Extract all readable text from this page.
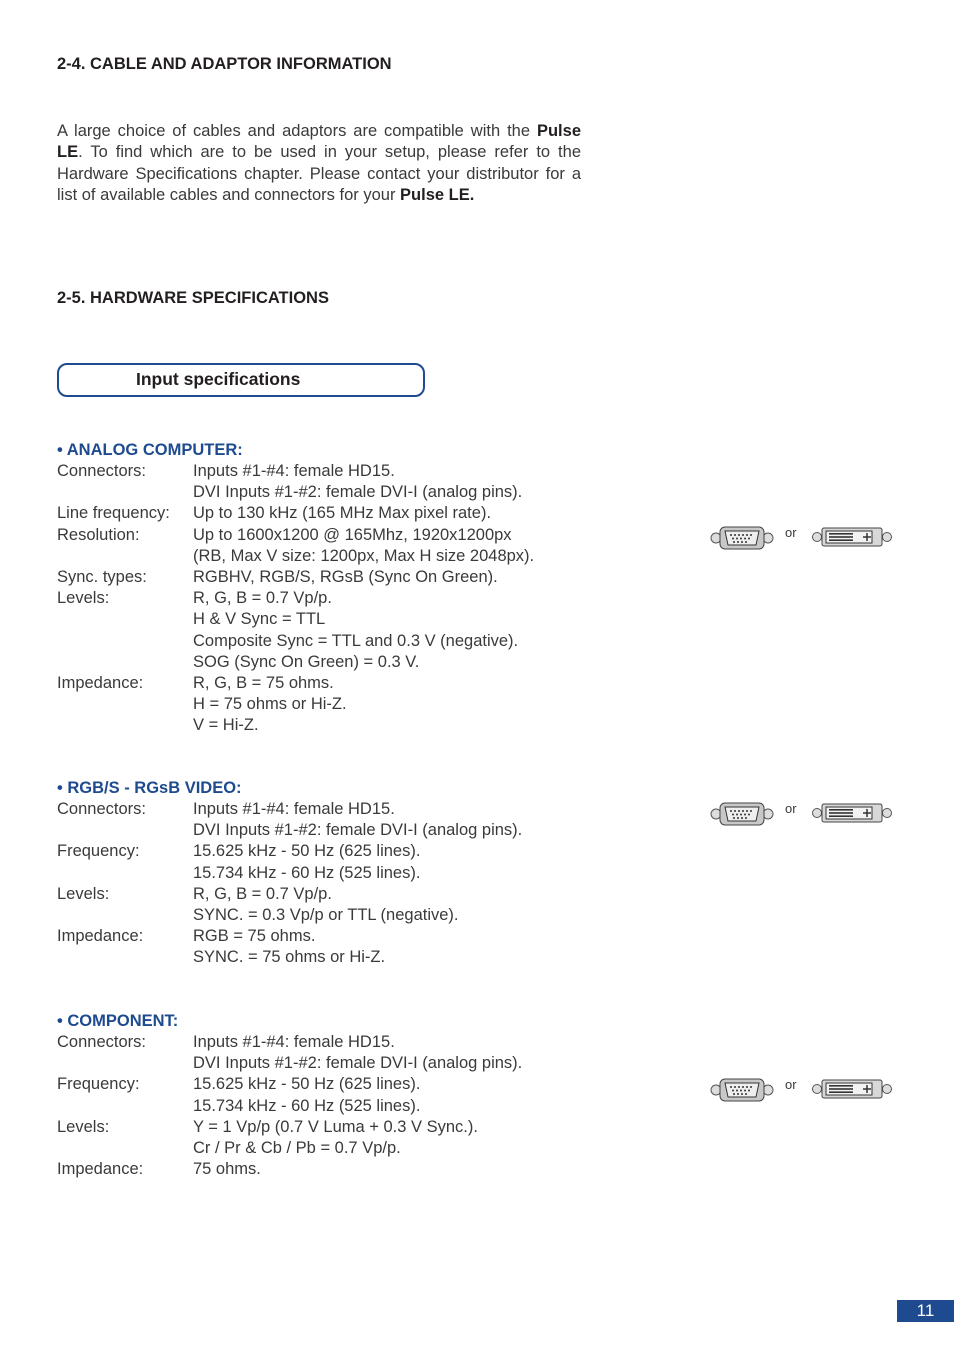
2-4. CABLE AND ADAPTOR INFORMATION
A large choice of cables and adaptors are compatible with the Pulse LE. To find which are to be used in your setup, please refer to the Hardware Specifications chapter. Please contact your distributor for a list of available cables and connectors for your Pulse LE.
2-5. HARDWARE SPECIFICATIONS
Input specifications
• ANALOG COMPUTER:
Connectors:	Inputs #1-#4: female HD15.
DVI Inputs #1-#2: female DVI-I (analog pins).
Line frequency: Up to 130 kHz (165 MHz Max pixel rate).
Resolution:	Up to 1600x1200 @ 165Mhz, 1920x1200px
(RB, Max V size: 1200px, Max H size 2048px).
Sync. types:	RGBHV, RGB/S, RGsB (Sync On Green).
Levels:	R, G, B = 0.7 Vp/p.
H & V Sync = TTL
Composite Sync = TTL and 0.3 V (negative).
SOG (Sync On Green) = 0.3 V.
Impedance:	R, G, B = 75 ohms.
H = 75 ohms or Hi-Z.
V = Hi-Z.
or
• RGB/S - RGsB VIDEO:
Connectors:	Inputs #1-#4: female HD15.
DVI Inputs #1-#2: female DVI-I (analog pins).
Frequency:	15.625 kHz - 50 Hz (625 lines).
15.734 kHz - 60 Hz (525 lines).
Levels:	R, G, B = 0.7 Vp/p.
SYNC. = 0.3 Vp/p or TTL (negative).
Impedance:	RGB = 75 ohms.
SYNC. = 75 ohms or Hi-Z.
or
• COMPONENT:
Connectors:	Inputs #1-#4: female HD15.
DVI Inputs #1-#2: female DVI-I (analog pins).
Frequency:	15.625 kHz - 50 Hz (625 lines).
15.734 kHz - 60 Hz (525 lines).
Levels:	Y = 1 Vp/p (0.7 V Luma + 0.3 V Sync.).
Cr / Pr & Cb / Pb = 0.7 Vp/p.
Impedance:	75 ohms.
or
11
